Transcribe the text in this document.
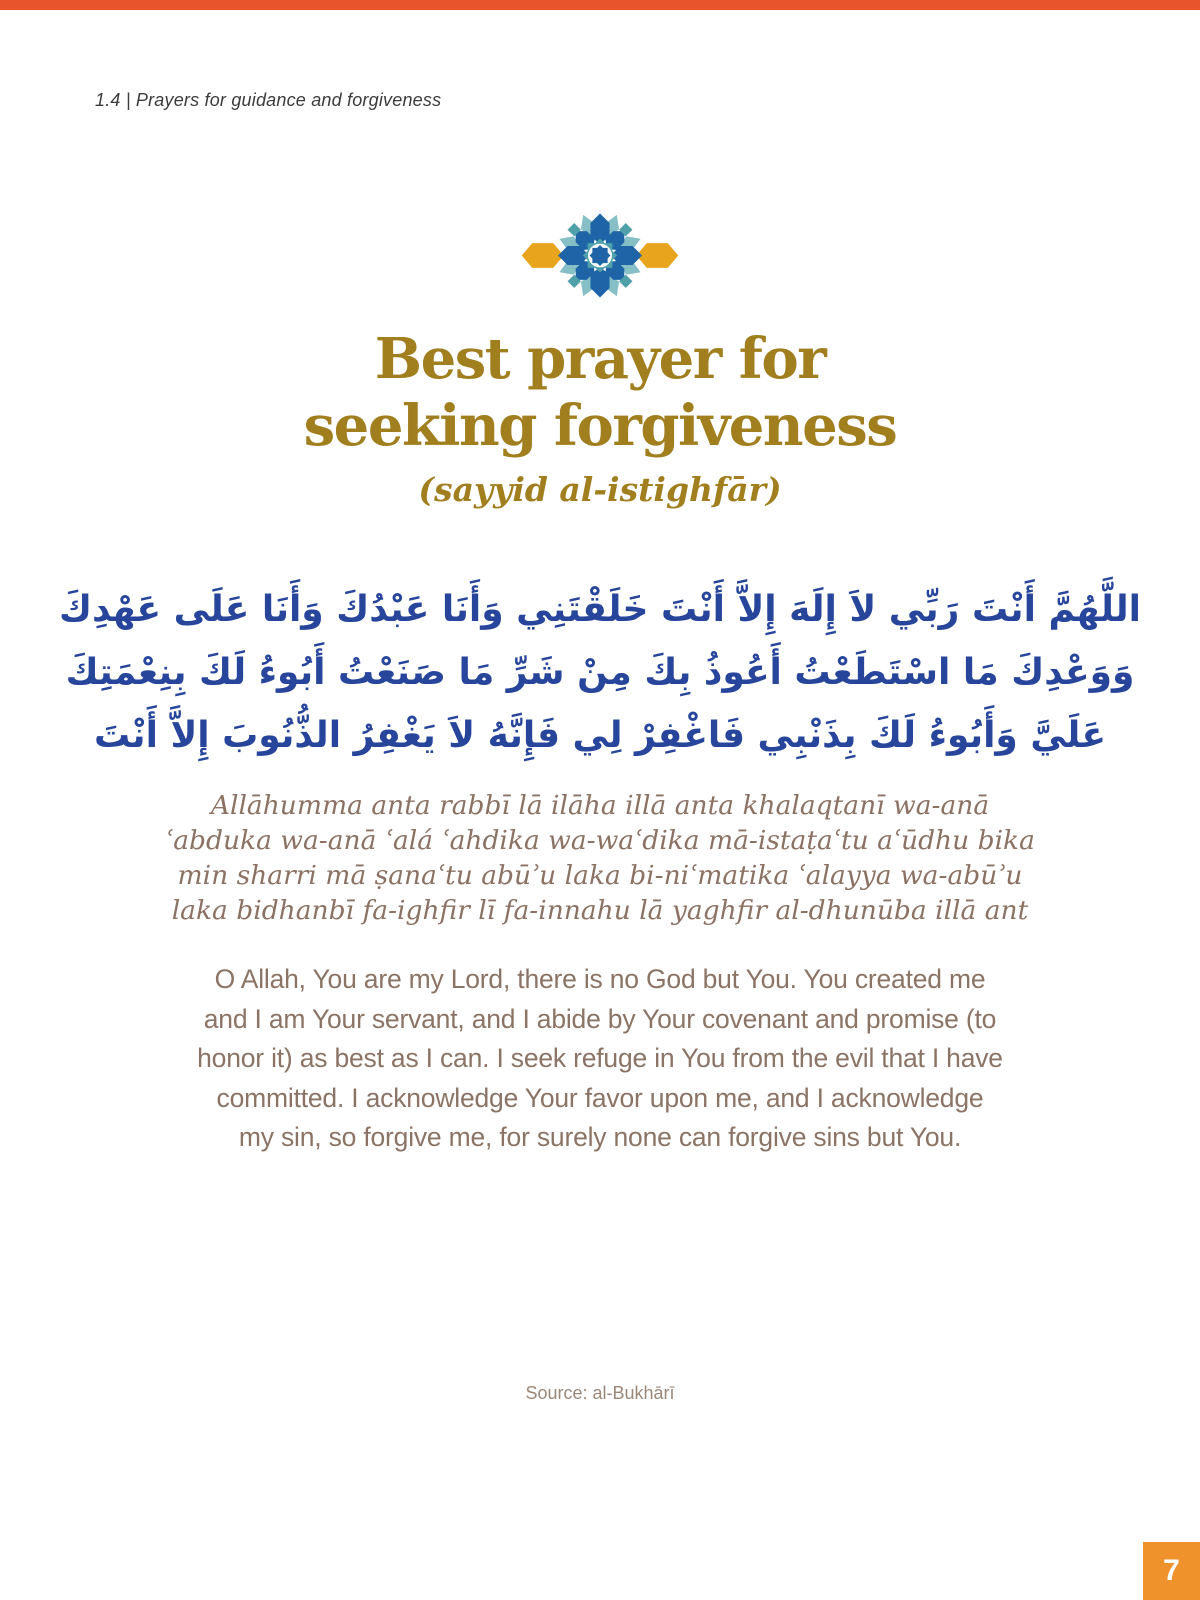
1.4 | Prayers for guidance and forgiveness
Best prayer for
seeking forgiveness
(sayyid al-istighfār)
اللَّهُمَّ أَنْتَ رَبِّي لاَ إِلَهَ إِلاَّ أَنْتَ خَلَقْتَنِي وَأَنَا عَبْدُكَ وَأَنَا عَلَى عَهْدِكَ
وَوَعْدِكَ مَا اسْتَطَعْتُ أَعُوذُ بِكَ مِنْ شَرِّ مَا صَنَعْتُ أَبُوءُ لَكَ بِنِعْمَتِكَ
عَلَيَّ وَأَبُوءُ لَكَ بِذَنْبِي فَاغْفِرْ لِي فَإِنَّهُ لاَ يَغْفِرُ الذُّنُوبَ إِلاَّ أَنْتَ
Allāhumma anta rabbī lā ilāha illā anta khalaqtanī wa-anā
ʿabduka wa-anā ʿalá ʿahdika wa-waʿdika mā-istaṭaʿtu aʿūdhu bika
min sharri mā ṣanaʿtu abūʾu laka bi-niʿmatika ʿalayya wa-abūʾu
laka bidhanbī fa-ighfir lī fa-innahu lā yaghfir al-dhunūba illā ant
O Allah, You are my Lord, there is no God but You. You created me
and I am Your servant, and I abide by Your covenant and promise (to
honor it) as best as I can. I seek refuge in You from the evil that I have
committed. I acknowledge Your favor upon me, and I acknowledge
my sin, so forgive me, for surely none can forgive sins but You.
Source: al-Bukhārī
7
